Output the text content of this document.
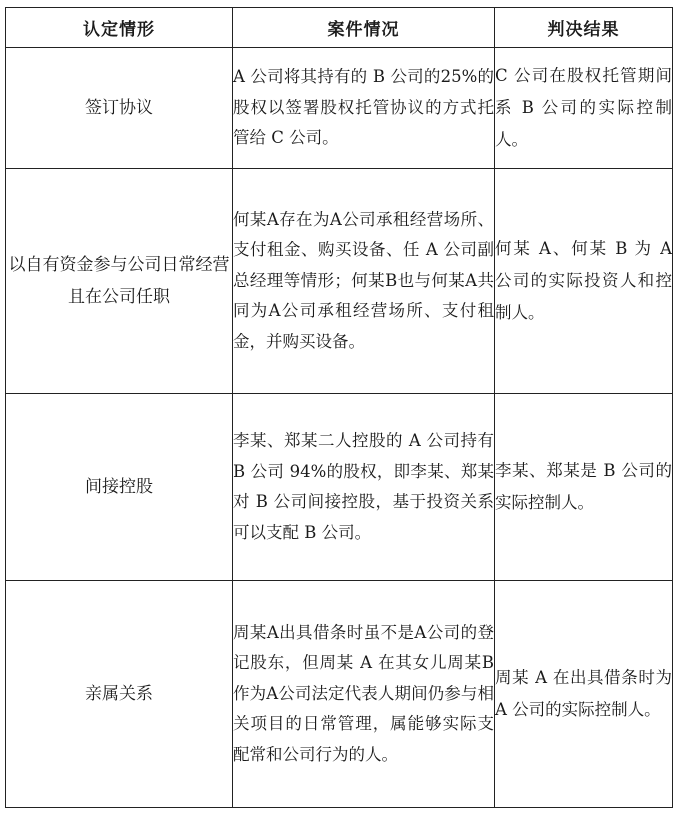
认定情形	案件情况	判决结果
签订协议	A 公司将其持有的 B 公司的25%的股权以签署股权托管协议的方式托管给 C 公司。	C 公司在股权托管期间系 B 公司的实际控制人。
以自有资金参与公司日常经营且在公司任职	何某A存在为A公司承租经营场所、支付租金、购买设备、任 A 公司副总经理等情形；何某B也与何某A共同为A公司承租经营场所、支付租金，并购买设备。	何某 A、何某 B 为 A 公司的实际投资人和控制人。
间接控股	李某、郑某二人控股的 A 公司持有 B 公司 94%的股权，即李某、郑某对 B 公司间接控股，基于投资关系可以支配 B 公司。	李某、郑某是 B 公司的实际控制人。
亲属关系	周某A出具借条时虽不是A公司的登记股东，但周某 A 在其女儿周某B作为A公司法定代表人期间仍参与相关项目的日常管理，属能够实际支配常和公司行为的人。	周某 A 在出具借条时为 A 公司的实际控制人。
